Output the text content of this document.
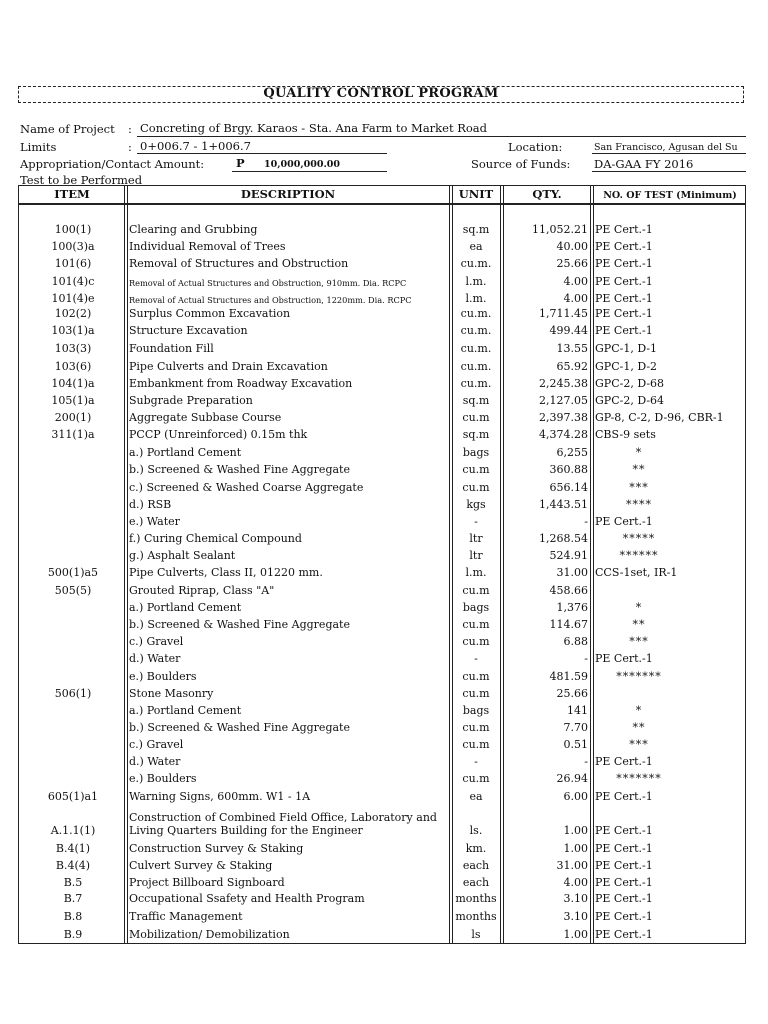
QUALITY CONTROL PROGRAM
Name of Project : Concreting of Brgy. Karaos - Sta. Ana Farm to Market Road
Limits	: 0+006.7 - 1+006.7	Location:	San Francisco, Agusan del Su
Appropriation/Contact Amount:	P 10,000,000.00	Source of Funds: DA-GAA FY 2016
Test to be Performed
ITEM	DESCRIPTION	UNIT	QTY.	NO. OF TEST (Minimum)
100(1)	Clearing and Grubbing	sq.m	11,052.21 PE Cert.-1
100(3)a	Individual Removal of Trees	ea	40.00 PE Cert.-1
101(6)	Removal of Structures and Obstruction	cu.m.	25.66 PE Cert.-1
101(4)c	Removal of Actual Structures and Obstruction, 910mm. Dia. RCPC	l.m.	4.00 PE Cert.-1
101(4)e	Removal of Actual Structures and Obstruction, 1220mm. Dia. RCPC	l.m.	4.00 PE Cert.-1
102(2)	Surplus Common Excavation	cu.m.	1,711.45 PE Cert.-1
103(1)a	Structure Excavation	cu.m.	499.44 PE Cert.-1
103(3)	Foundation Fill	cu.m.	13.55 GPC-1, D-1
103(6)	Pipe Culverts and Drain Excavation	cu.m.	65.92 GPC-1, D-2
104(1)a	Embankment from Roadway Excavation	cu.m.	2,245.38 GPC-2, D-68
105(1)a	Subgrade Preparation	sq.m	2,127.05 GPC-2, D-64
200(1)	Aggregate Subbase Course	cu.m	2,397.38 GP-8, C-2, D-96, CBR-1
311(1)a	PCCP (Unreinforced) 0.15m thk	sq.m	4,374.28 CBS-9 sets
a.) Portland Cement	bags	6,255	*
b.) Screened & Washed Fine Aggregate	cu.m	360.88	**
c.) Screened & Washed Coarse Aggregate	cu.m	656.14	***
d.) RSB	kgs	1,443.51	****
e.) Water	-	- PE Cert.-1
f.) Curing Chemical Compound	ltr	1,268.54	*****
g.) Asphalt Sealant	ltr	524.91	******
500(1)a5	Pipe Culverts, Class II, 01220 mm.	l.m.	31.00 CCS-1set, IR-1
505(5)	Grouted Riprap, Class "A"	cu.m	458.66
a.) Portland Cement	bags	1,376	*
b.) Screened & Washed Fine Aggregate	cu.m	114.67	**
c.) Gravel	cu.m	6.88	***
d.) Water	-	- PE Cert.-1
e.) Boulders	cu.m	481.59	*******
506(1)	Stone Masonry	cu.m	25.66
a.) Portland Cement	bags	141	*
b.) Screened & Washed Fine Aggregate	cu.m	7.70	**
c.) Gravel	cu.m	0.51	***
d.) Water	-	- PE Cert.-1
e.) Boulders	cu.m	26.94	*******
605(1)a1	Warning Signs, 600mm. W1 - 1A	ea	6.00 PE Cert.-1
A.1.1(1)	Living Quarters Building for the Engineer	ls.	1.00 PE Cert.-1
Construction of Combined Field Office, Laboratory and
B.4(1)	Construction Survey & Staking	km.	1.00 PE Cert.-1
B.4(4)	Culvert Survey & Staking	each	31.00 PE Cert.-1
B.5	Project Billboard Signboard	each	4.00 PE Cert.-1
B.7	Occupational Ssafety and Health Program	months	3.10 PE Cert.-1
B.8	Traffic Management	months	3.10 PE Cert.-1
B.9	Mobilization/ Demobilization	ls	1.00 PE Cert.-1
